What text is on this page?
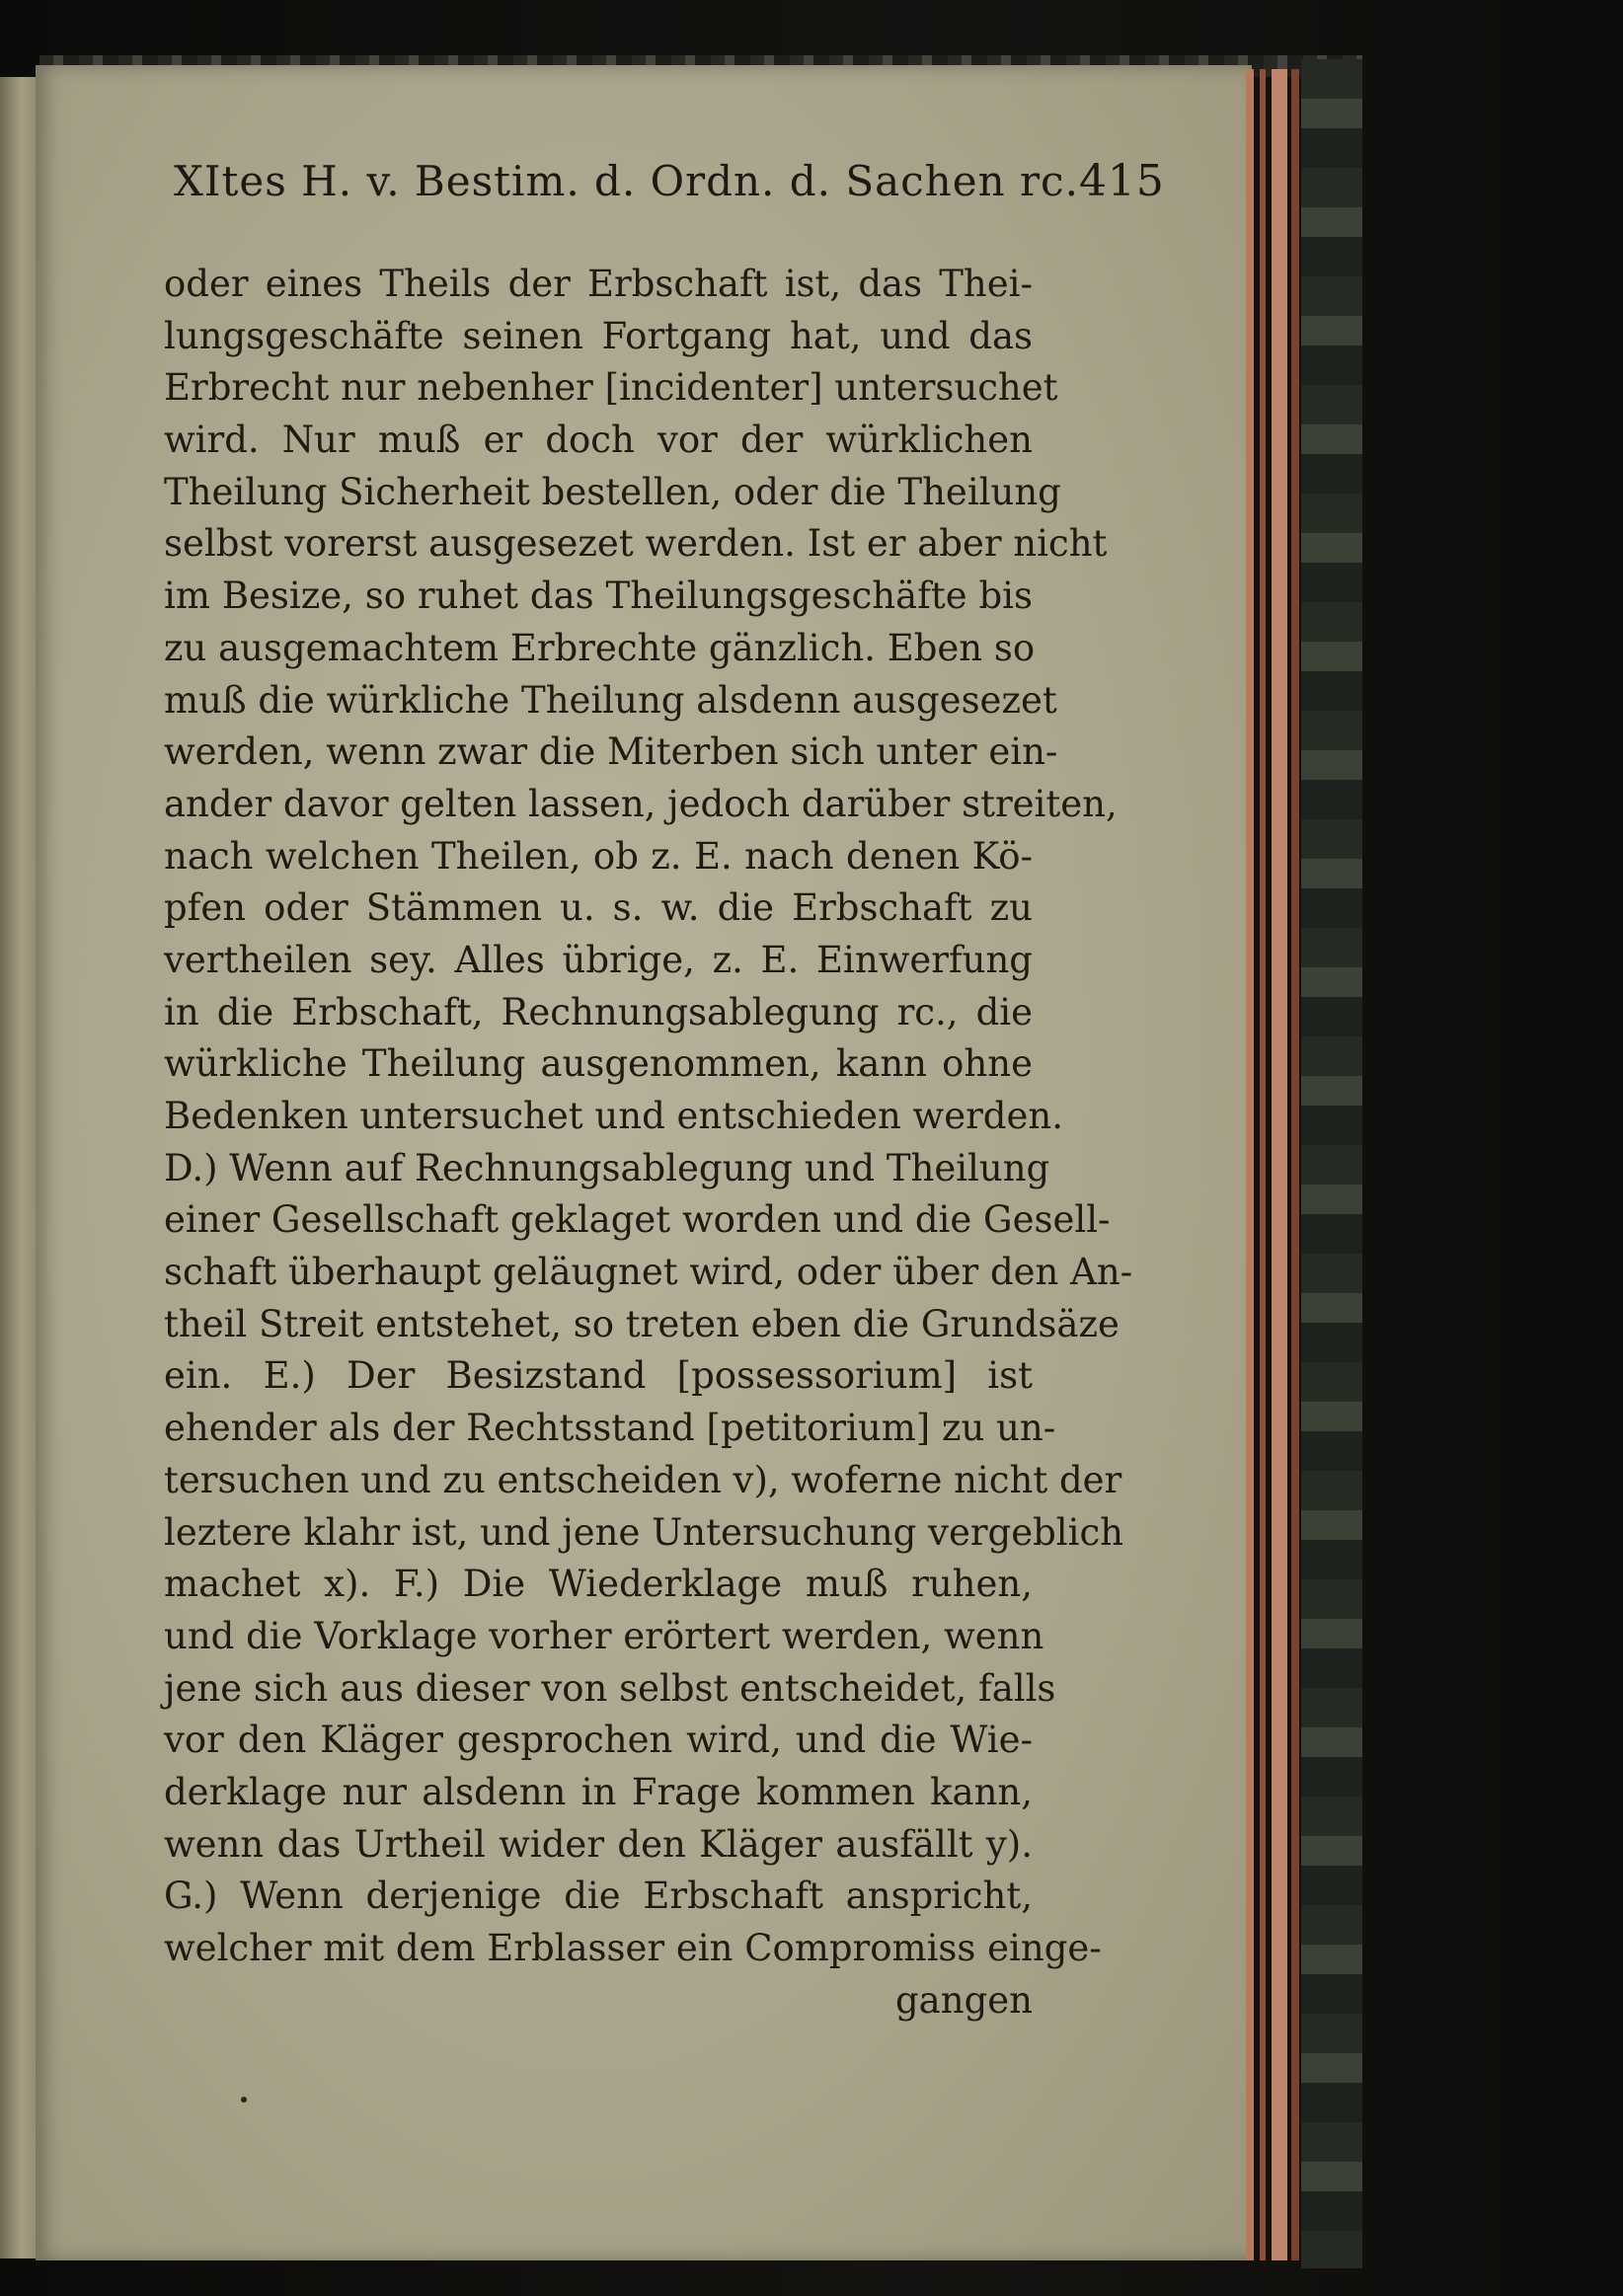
XItes H. v. Bestim. d. Ordn. d. Sachen rc. 415
oder eines Theils der Erbschaft ist, das Thei-
lungsgeschäfte seinen Fortgang hat, und das
Erbrecht nur nebenher [incidenter] untersuchet
wird. Nur muß er doch vor der würklichen
Theilung Sicherheit bestellen, oder die Theilung
selbst vorerst ausgesezet werden. Ist er aber nicht
im Besize, so ruhet das Theilungsgeschäfte bis
zu ausgemachtem Erbrechte gänzlich. Eben so
muß die würkliche Theilung alsdenn ausgesezet
werden, wenn zwar die Miterben sich unter ein-
ander davor gelten lassen, jedoch darüber streiten,
nach welchen Theilen, ob z. E. nach denen Kö-
pfen oder Stämmen u. s. w. die Erbschaft zu
vertheilen sey. Alles übrige, z. E. Einwerfung
in die Erbschaft, Rechnungsablegung rc., die
würkliche Theilung ausgenommen, kann ohne
Bedenken untersuchet und entschieden werden.
D.) Wenn auf Rechnungsablegung und Theilung
einer Gesellschaft geklaget worden und die Gesell-
schaft überhaupt geläugnet wird, oder über den An-
theil Streit entstehet, so treten eben die Grundsäze
ein. E.) Der Besizstand [possessorium] ist
ehender als der Rechtsstand [petitorium] zu un-
tersuchen und zu entscheiden v), woferne nicht der
leztere klahr ist, und jene Untersuchung vergeblich
machet x). F.) Die Wiederklage muß ruhen,
und die Vorklage vorher erörtert werden, wenn
jene sich aus dieser von selbst entscheidet, falls
vor den Kläger gesprochen wird, und die Wie-
derklage nur alsdenn in Frage kommen kann,
wenn das Urtheil wider den Kläger ausfällt y).
G.) Wenn derjenige die Erbschaft anspricht,
welcher mit dem Erblasser ein Compromiss einge-
gangen
